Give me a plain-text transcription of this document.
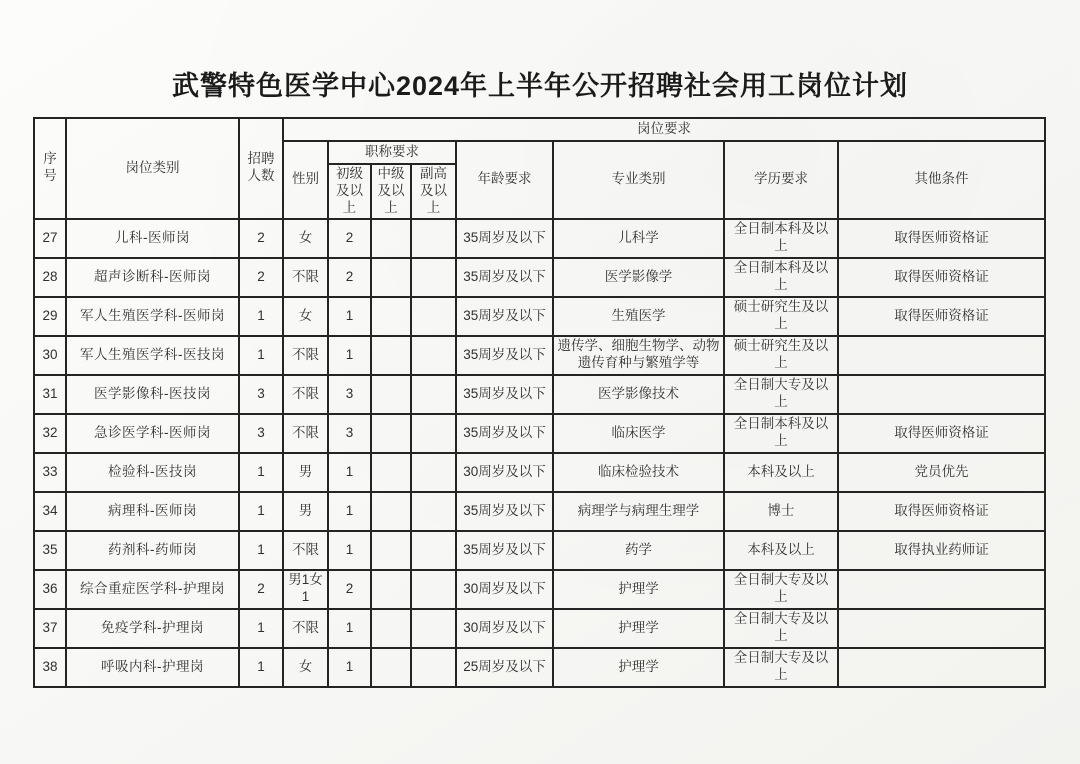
武警特色医学中心2024年上半年公开招聘社会用工岗位计划
序号	岗位类别	招聘人数	岗位要求							
			性别	职称要求			年龄要求	专业类别	学历要求	其他条件
				初级及以上	中级及以上	副高及以上				
27	儿科-医师岗	2	女	2			35周岁及以下	儿科学	全日制本科及以上	取得医师资格证
28	超声诊断科-医师岗	2	不限	2			35周岁及以下	医学影像学	全日制本科及以上	取得医师资格证
29	军人生殖医学科-医师岗	1	女	1			35周岁及以下	生殖医学	硕士研究生及以上	取得医师资格证
30	军人生殖医学科-医技岗	1	不限	1			35周岁及以下	遗传学、细胞生物学、动物遗传育种与繁殖学等	硕士研究生及以上	
31	医学影像科-医技岗	3	不限	3			35周岁及以下	医学影像技术	全日制大专及以上	
32	急诊医学科-医师岗	3	不限	3			35周岁及以下	临床医学	全日制本科及以上	取得医师资格证
33	检验科-医技岗	1	男	1			30周岁及以下	临床检验技术	本科及以上	党员优先
34	病理科-医师岗	1	男	1			35周岁及以下	病理学与病理生理学	博士	取得医师资格证
35	药剂科-药师岗	1	不限	1			35周岁及以下	药学	本科及以上	取得执业药师证
36	综合重症医学科-护理岗	2	男1女1	2			30周岁及以下	护理学	全日制大专及以上	
37	免疫学科-护理岗	1	不限	1			30周岁及以下	护理学	全日制大专及以上	
38	呼吸内科-护理岗	1	女	1			25周岁及以下	护理学	全日制大专及以上	
